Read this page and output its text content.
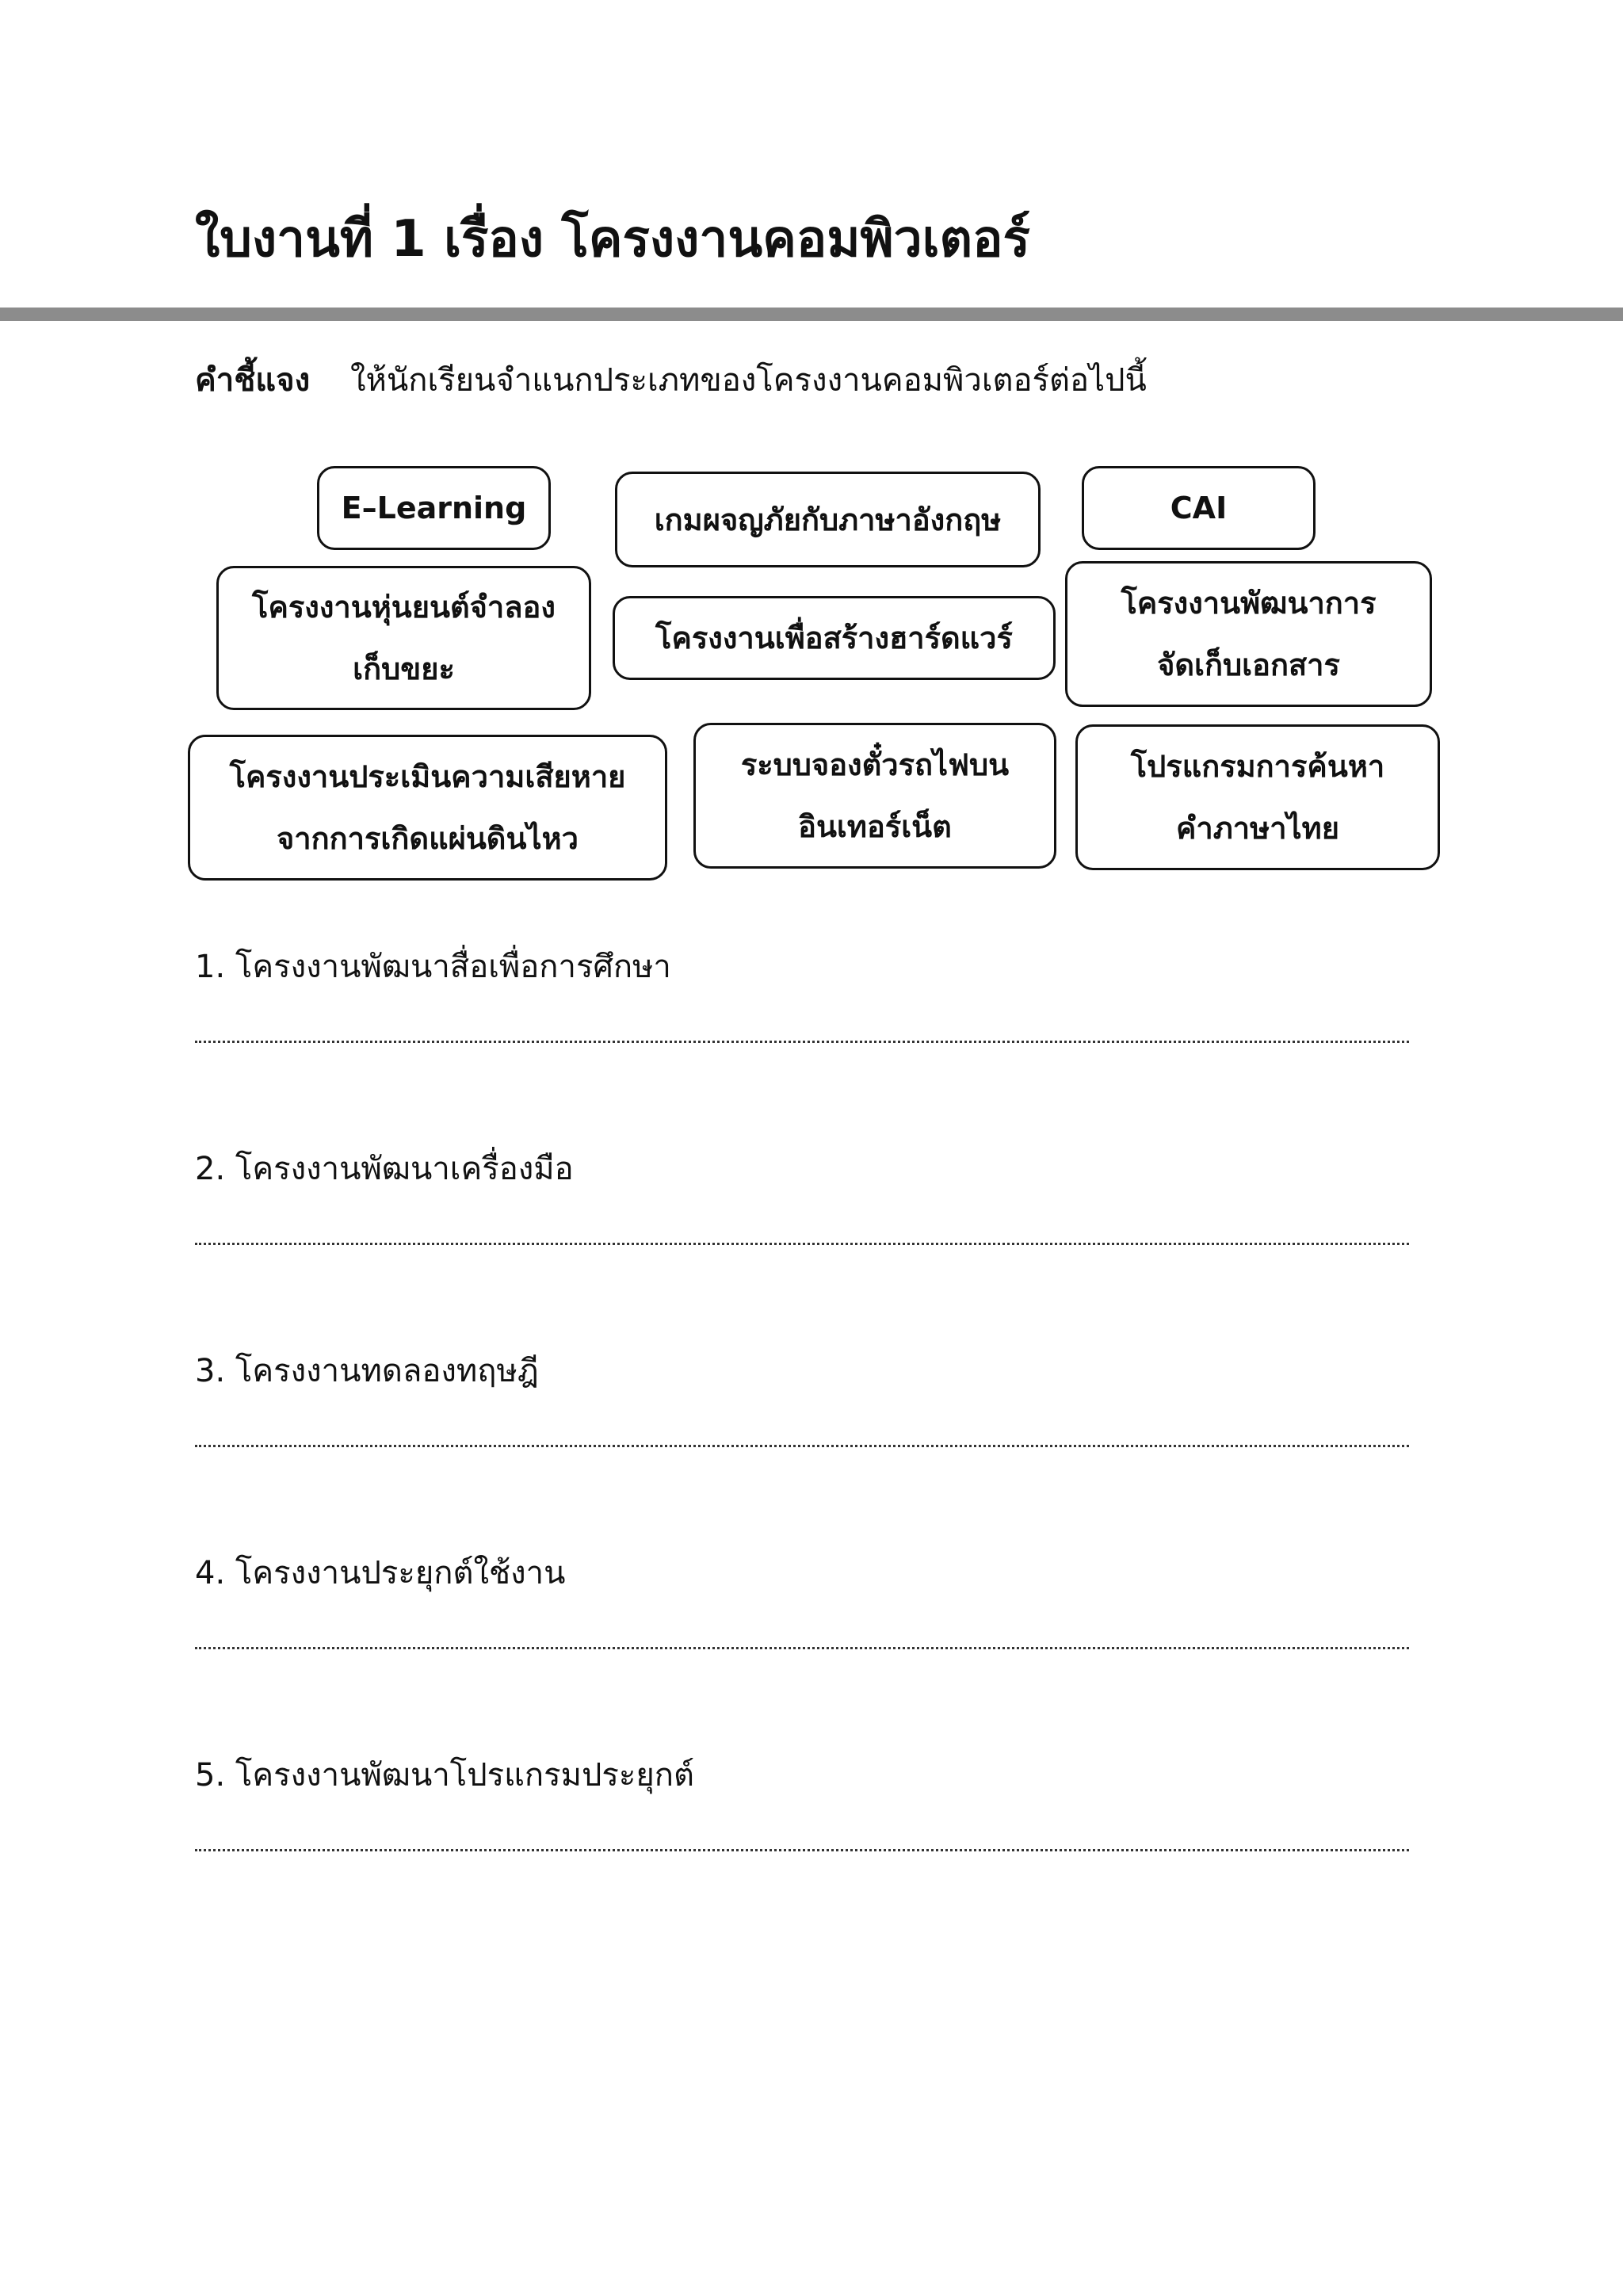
ใบงานที่ 1 เรื่อง โครงงานคอมพิวเตอร์
คำชี้แจง ให้นักเรียนจำแนกประเภทของโครงงานคอมพิวเตอร์ต่อไปนี้
E–Learning	เกมผจญภัยกับภาษาอังกฤษ	CAI
โครงงานหุ่นยนต์จำลอง
เก็บขยะ
โครงงานเพื่อสร้างฮาร์ดแวร์
โครงงานพัฒนาการ
จัดเก็บเอกสาร
โครงงานประเมินความเสียหาย
จากการเกิดแผ่นดินไหว
ระบบจองตั๋วรถไฟบน
อินเทอร์เน็ต
โปรแกรมการค้นหา
คำภาษาไทย
1. โครงงานพัฒนาสื่อเพื่อการศึกษา
2. โครงงานพัฒนาเครื่องมือ
3. โครงงานทดลองทฤษฎี
4. โครงงานประยุกต์ใช้งาน
5. โครงงานพัฒนาโปรแกรมประยุกต์
